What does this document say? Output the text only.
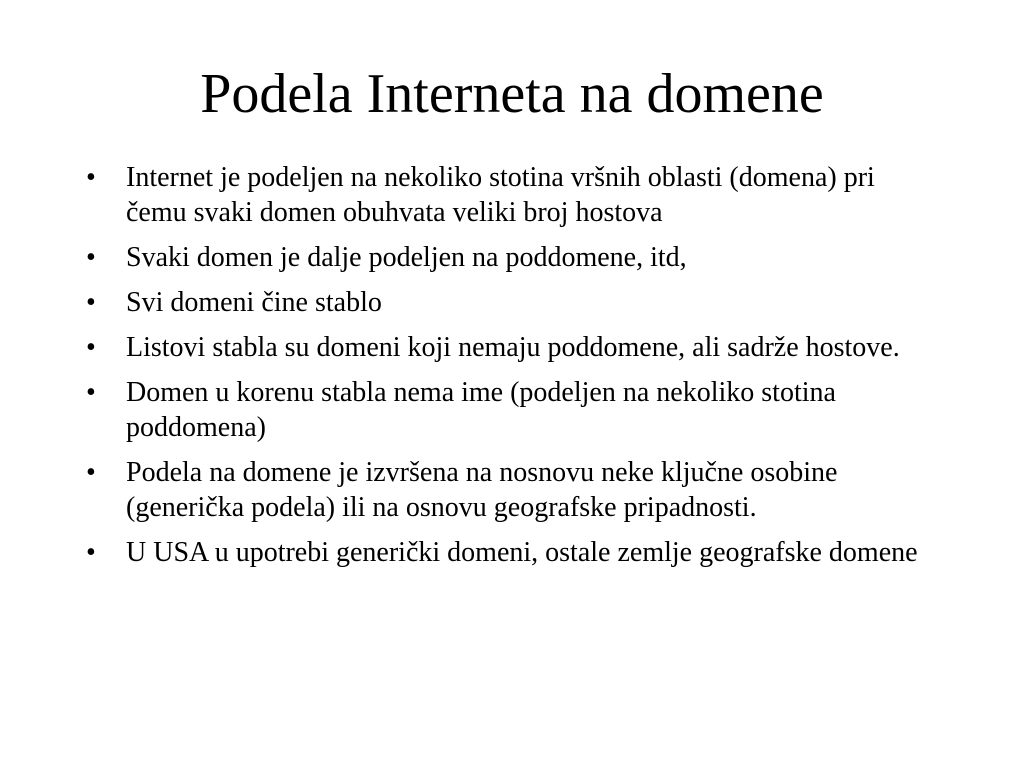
Podela Interneta na domene
•	Internet je podeljen na nekoliko stotina vršnih oblasti (domena) pri čemu svaki domen obuhvata veliki broj hostova
•	Svaki domen je dalje podeljen na poddomene, itd,
•	Svi domeni čine stablo
•	Listovi stabla su domeni koji nemaju poddomene, ali sadrže hostove.
•	Domen u korenu stabla nema ime (podeljen na nekoliko stotina poddomena)
•	Podela na domene je izvršena na nosnovu neke ključne osobine (generička podela) ili na osnovu geografske pripadnosti.
•	U USA u upotrebi generički domeni, ostale zemlje geografske domene
